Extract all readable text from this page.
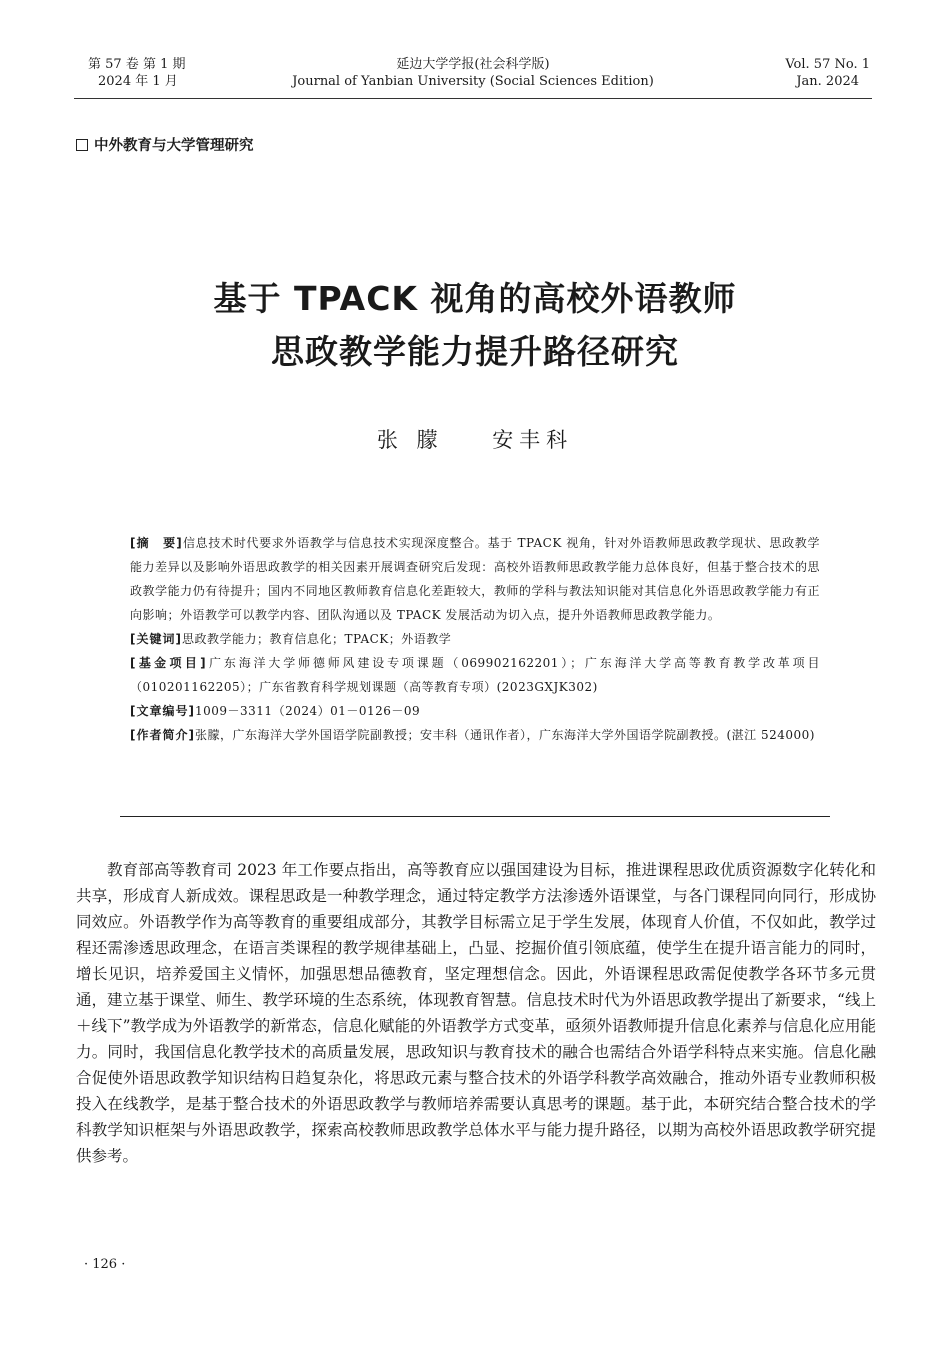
第 57 卷 第 1 期
2024 年 1 月
延边大学学报(社会科学版)
Journal of Yanbian University (Social Sciences Edition)
Vol. 57 No. 1
Jan. 2024
中外教育与大学管理研究
基于 TPACK 视角的高校外语教师
思政教学能力提升路径研究
张 朦 安丰科

[摘　要]信息技术时代要求外语教学与信息技术实现深度整合。基于 TPACK 视角，针对外语教师思政教学现状、思政教学能力差异以及影响外语思政教学的相关因素开展调查研究后发现：高校外语教师思政教学能力总体良好，但基于整合技术的思政教学能力仍有待提升；国内不同地区教师教育信息化差距较大，教师的学科与教法知识能对其信息化外语思政教学能力有正向影响；外语教学可以教学内容、团队沟通以及 TPACK 发展活动为切入点，提升外语教师思政教学能力。

[关键词]思政教学能力；教育信息化；TPACK；外语教学

[基金项目]广东海洋大学师德师风建设专项课题（069902162201）；广东海洋大学高等教育教学改革项目（010201162205）；广东省教育科学规划课题（高等教育专项）(2023GXJK302)

[文章编号]1009－3311（2024）01－0126－09

[作者简介]张朦，广东海洋大学外国语学院副教授；安丰科（通讯作者），广东海洋大学外国语学院副教授。(湛江 524000)

教育部高等教育司 2023 年工作要点指出，高等教育应以强国建设为目标，推进课程思政优质资源数字化转化和共享，形成育人新成效。课程思政是一种教学理念，通过特定教学方法渗透外语课堂，与各门课程同向同行，形成协同效应。外语教学作为高等教育的重要组成部分，其教学目标需立足于学生发展，体现育人价值，不仅如此，教学过程还需渗透思政理念，在语言类课程的教学规律基础上，凸显、挖掘价值引领底蕴，使学生在提升语言能力的同时，增长见识，培养爱国主义情怀，加强思想品德教育，坚定理想信念。因此，外语课程思政需促使教学各环节多元贯通，建立基于课堂、师生、教学环境的生态系统，体现教育智慧。信息技术时代为外语思政教学提出了新要求，“线上＋线下”教学成为外语教学的新常态，信息化赋能的外语教学方式变革，亟须外语教师提升信息化素养与信息化应用能力。同时，我国信息化教学技术的高质量发展，思政知识与教育技术的融合也需结合外语学科特点来实施。信息化融合促使外语思政教学知识结构日趋复杂化，将思政元素与整合技术的外语学科教学高效融合，推动外语专业教师积极投入在线教学，是基于整合技术的外语思政教学与教师培养需要认真思考的课题。基于此，本研究结合整合技术的学科教学知识框架与外语思政教学，探索高校教师思政教学总体水平与能力提升路径，以期为高校外语思政教学研究提供参考。

· 126 ·
